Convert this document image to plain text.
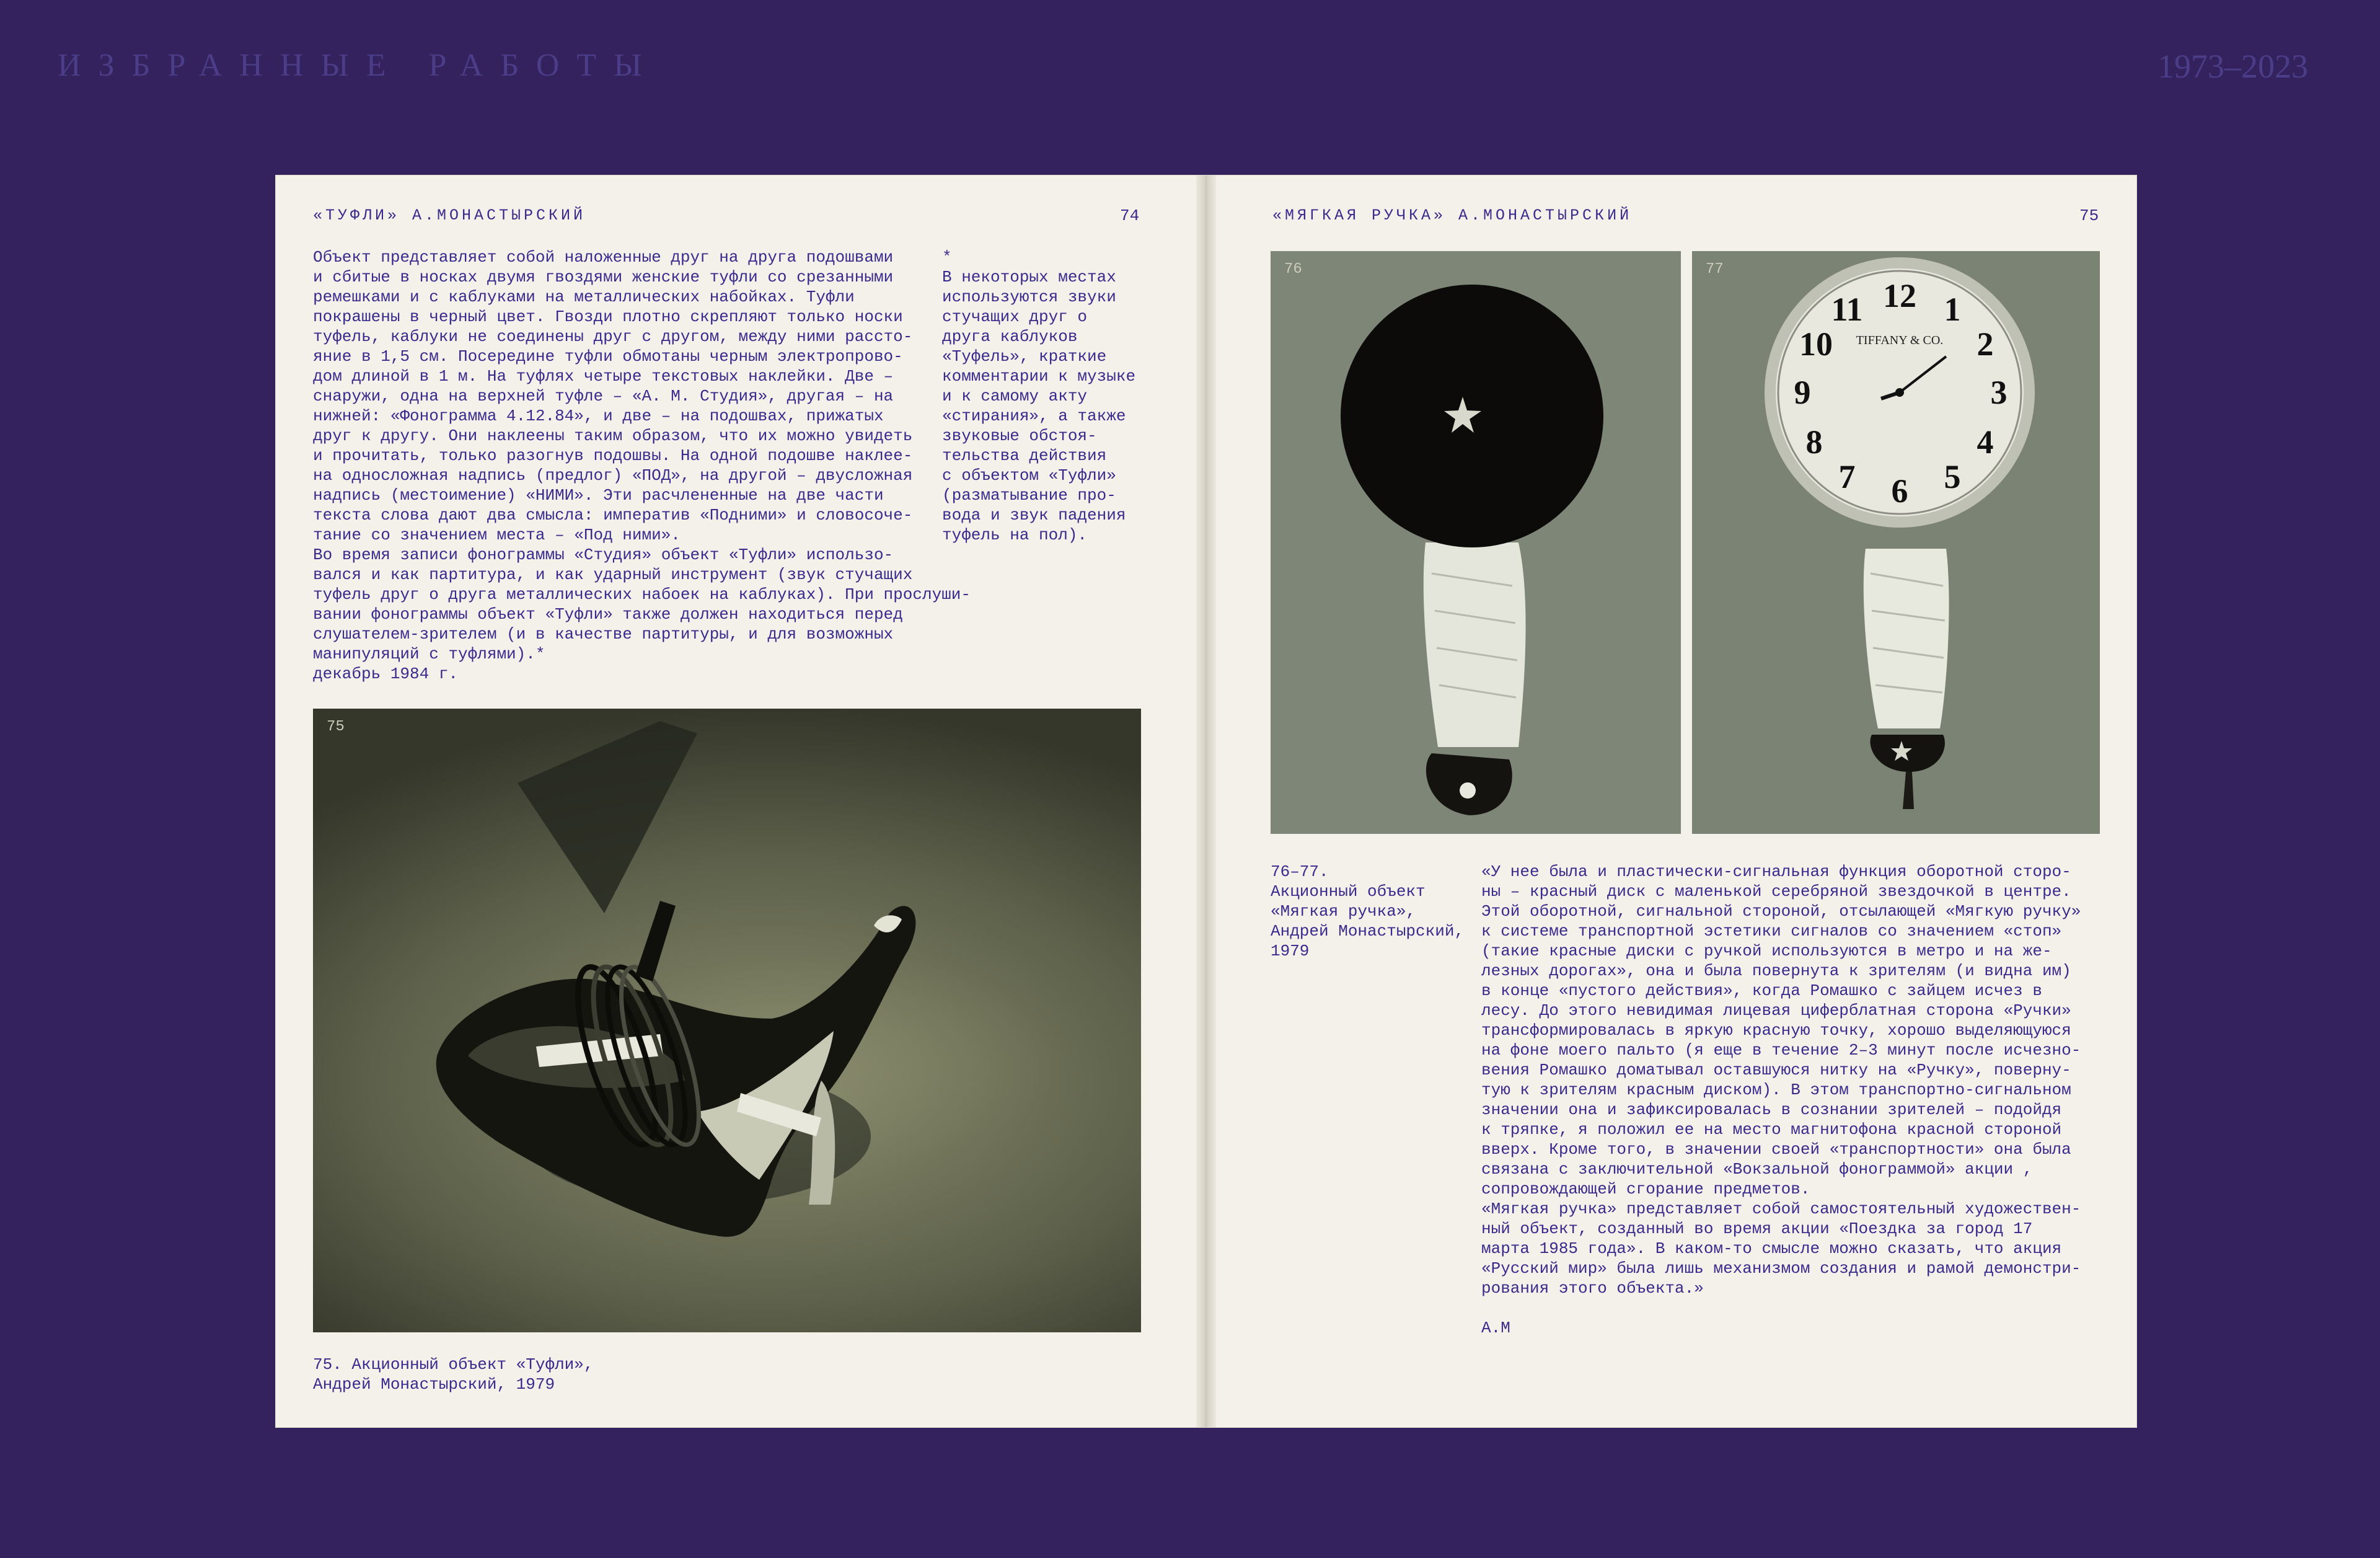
ИЗБРАННЫЕ РАБОТЫ	1973–2023
«ТУФЛИ» А.МОНАСТЫРСКИЙ	74

Объект представляет собой наложенные друг на друга подошвами
и сбитые в носках двумя гвоздями женские туфли со срезанными
ремешками и с каблуками на металлических набойках. Туфли
покрашены в черный цвет. Гвозди плотно скрепляют только носки
туфель, каблуки не соединены друг с другом, между ними рассто-
яние в 1,5 см. Посередине туфли обмотаны черным электропрово-
дом длиной в 1 м. На туфлях четыре текстовых наклейки. Две –
снаружи, одна на верхней туфле – «А. М. Студия», другая – на
нижней: «Фонограмма 4.12.84», и две – на подошвах, прижатых
друг к другу. Они наклеены таким образом, что их можно увидеть
и прочитать, только разогнув подошвы. На одной подошве наклее-
на односложная надпись (предлог) «ПОД», на другой – двусложная
надпись (местоимение) «НИМИ». Эти расчлененные на две части
текста слова дают два смысла: императив «Подними» и словосоче-
тание со значением места – «Под ними».
Во время записи фонограммы «Студия» объект «Туфли» использо-
вался и как партитура, и как ударный инструмент (звук стучащих
туфель друг о друга металлических набоек на каблуках). При прослуши-
вании фонограммы объект «Туфли» также должен находиться перед
слушателем-зрителем (и в качестве партитуры, и для возможных
манипуляций с туфлями).*
декабрь 1984 г.

*
В некоторых местах
используются звуки
стучащих друг о
друга каблуков
«Туфель», краткие
комментарии к музыке
и к самому акту
«стирания», а также
звуковые обстоя-
тельства действия
с объектом «Туфли»
(разматывание про-
вода и звук падения
туфель на пол).

75

75. Акционный объект «Туфли»,
Андрей Монастырский, 1979

«МЯГКАЯ РУЧКА» А.МОНАСТЫРСКИЙ	75
76
12 1
2
3
4
5
6
7
8
9
10
11
TIFFANY & CO.
77

76–77.
Акционный объект
«Мягкая ручка»,
Андрей Монастырский,
1979

«У нее была и пластически-сигнальная функция оборотной сторо-
ны – красный диск с маленькой серебряной звездочкой в центре.
Этой оборотной, сигнальной стороной, отсылающей «Мягкую ручку»
к системе транспортной эстетики сигналов со значением «стоп»
(такие красные диски с ручкой используются в метро и на же-
лезных дорогах», она и была повернута к зрителям (и видна им)
в конце «пустого действия», когда Ромашко с зайцем исчез в
лесу. До этого невидимая лицевая циферблатная сторона «Ручки»
трансформировалась в яркую красную точку, хорошо выделяющуюся
на фоне моего пальто (я еще в течение 2–3 минут после исчезно-
вения Ромашко доматывал оставшуюся нитку на «Ручку», поверну-
тую к зрителям красным диском). В этом транспортно-сигнальном
значении она и зафиксировалась в сознании зрителей – подойдя
к тряпке, я положил ее на место магнитофона красной стороной
вверх. Кроме того, в значении своей «транспортности» она была
связана с заключительной «Вокзальной фонограммой» акции ,
сопровождающей сгорание предметов.
«Мягкая ручка» представляет собой самостоятельный художествен-
ный объект, созданный во время акции «Поездка за город 17
марта 1985 года». В каком-то смысле можно сказать, что акция
«Русский мир» была лишь механизмом создания и рамой демонстри-
рования этого объекта.»

А.М
